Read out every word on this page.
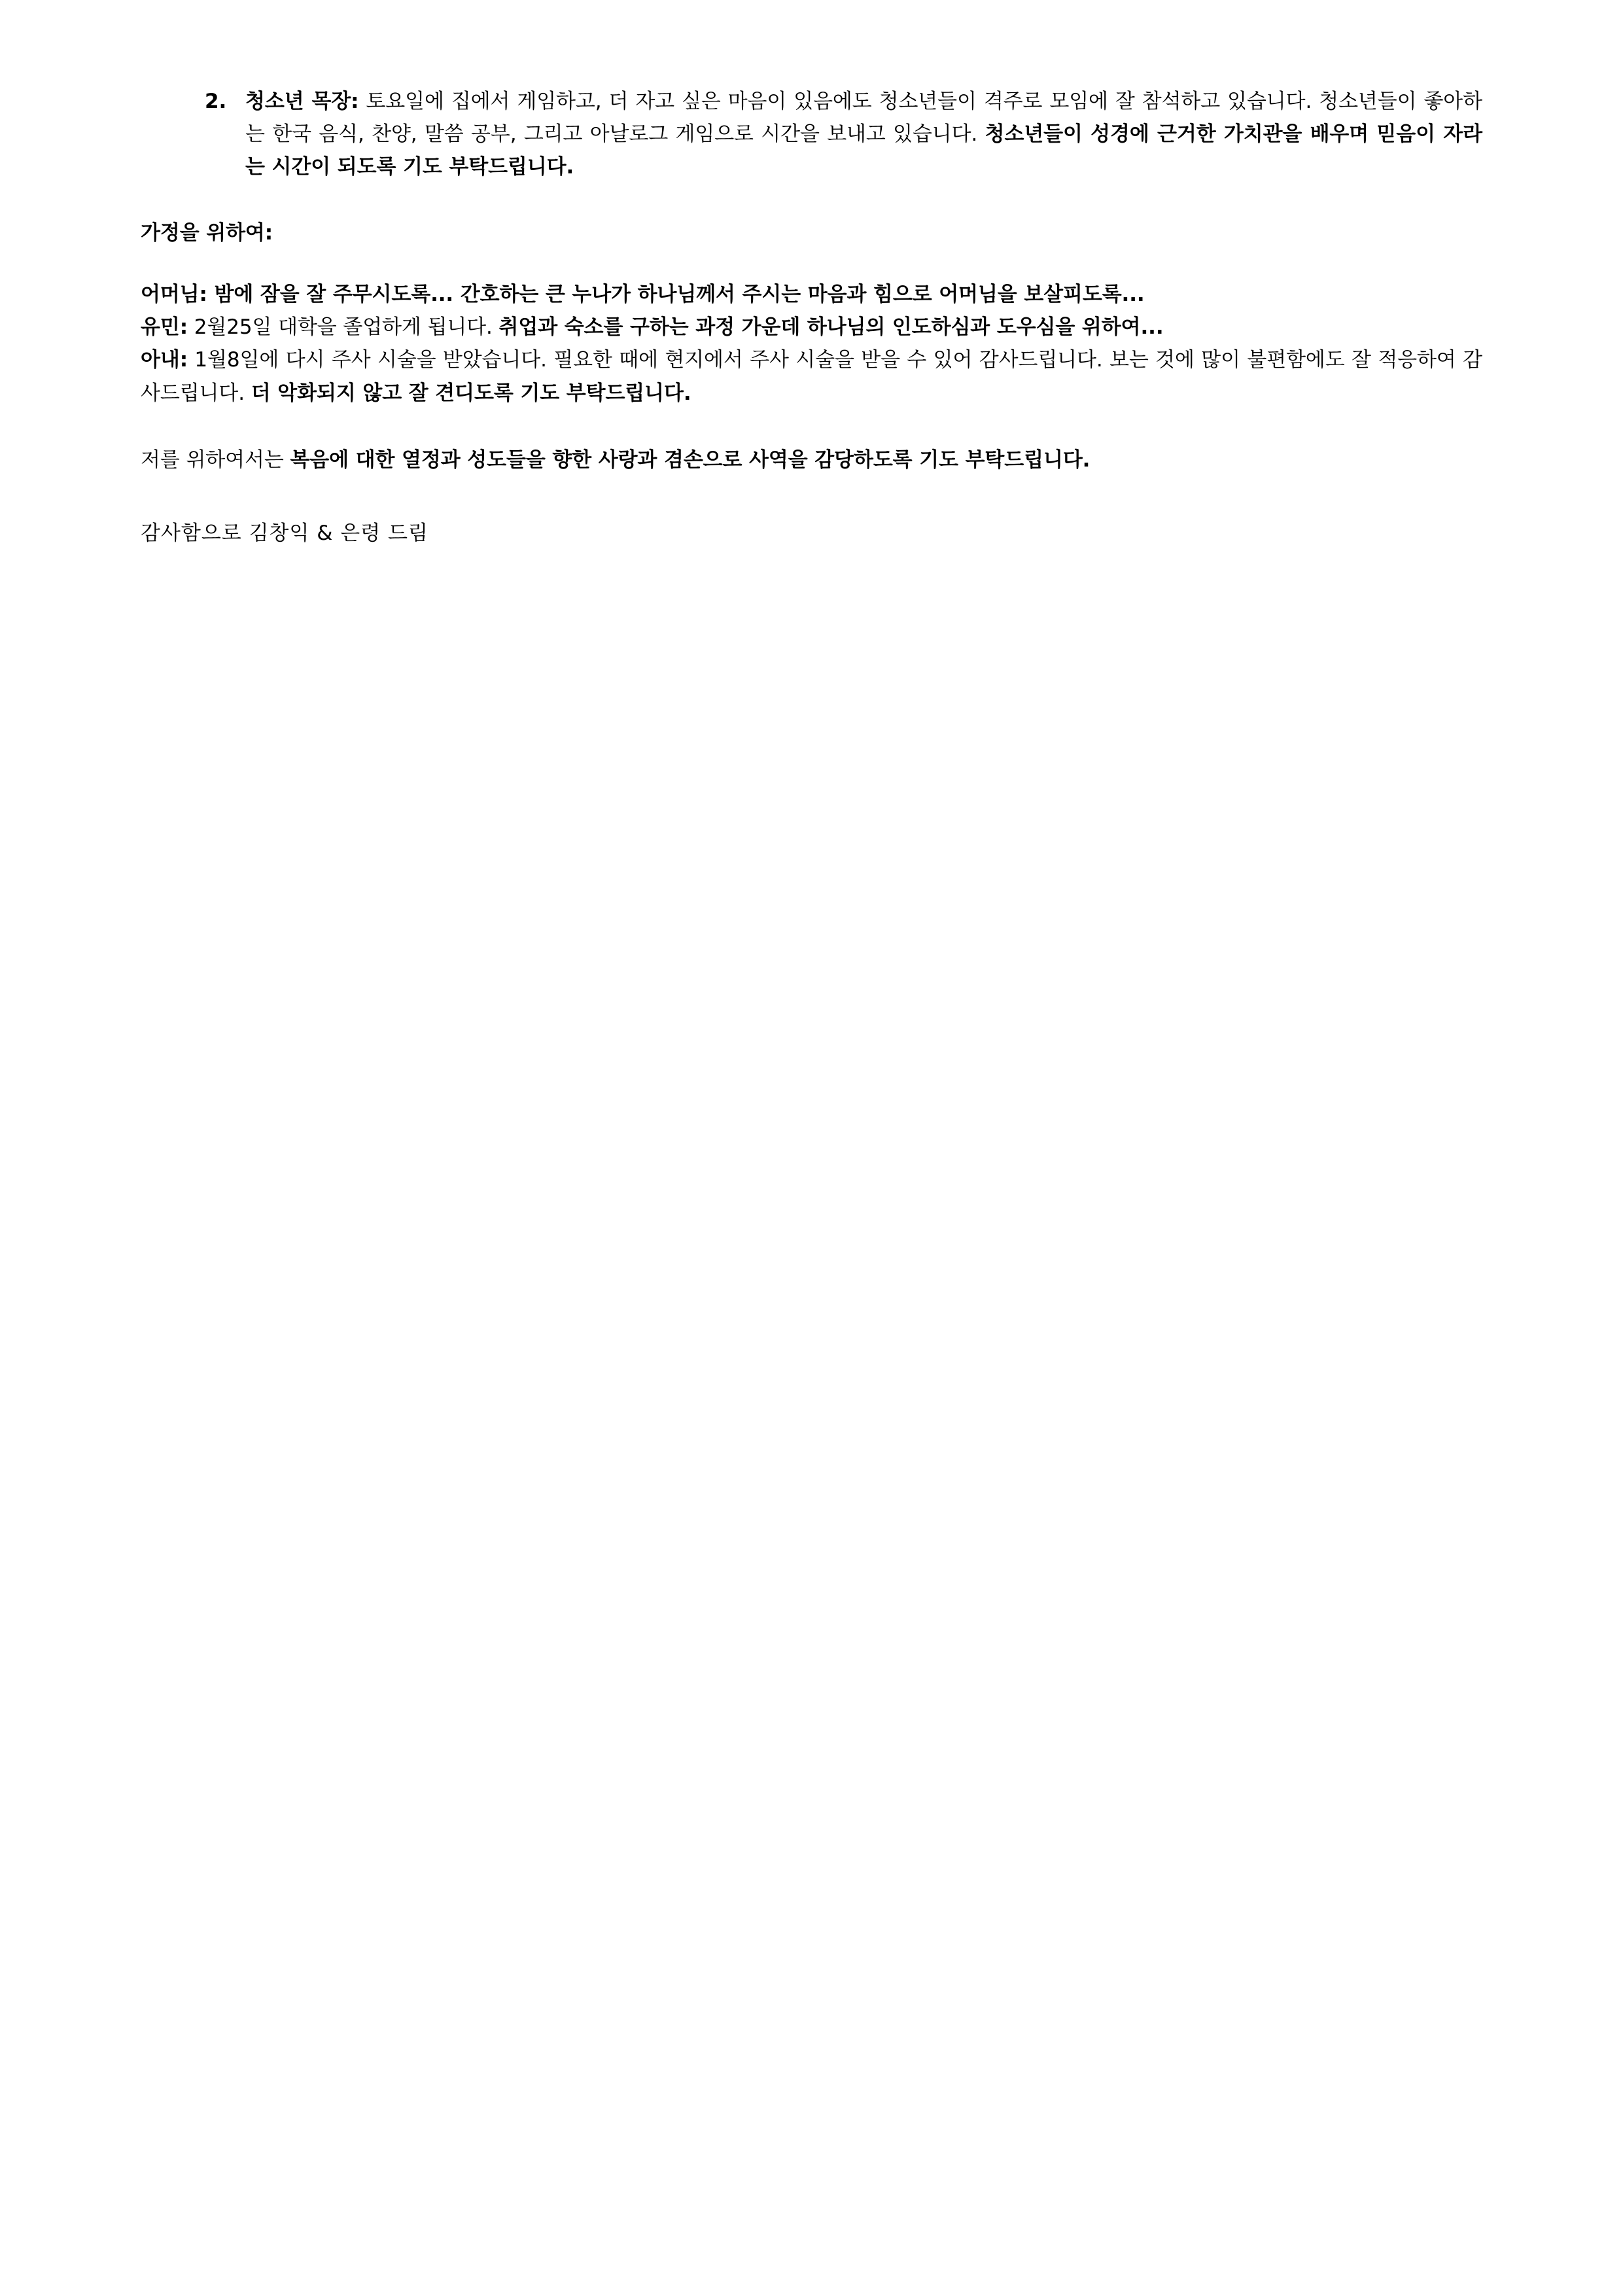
2. 청소년 목장: 토요일에 집에서 게임하고, 더 자고 싶은 마음이 있음에도 청소년들이 격주로 모임에 잘 참석하고 있습니다. 청소년들이 좋아하는 한국 음식, 찬양, 말씀 공부, 그리고 아날로그 게임으로 시간을 보내고 있습니다. 청소년들이 성경에 근거한 가치관을 배우며 믿음이 자라는 시간이 되도록 기도 부탁드립니다.
가정을 위하여:
어머님: 밤에 잠을 잘 주무시도록... 간호하는 큰 누나가 하나님께서 주시는 마음과 힘으로 어머님을 보살피도록...
유민: 2월25일 대학을 졸업하게 됩니다. 취업과 숙소를 구하는 과정 가운데 하나님의 인도하심과 도우심을 위하여...
아내: 1월8일에 다시 주사 시술을 받았습니다. 필요한 때에 현지에서 주사 시술을 받을 수 있어 감사드립니다. 보는 것에 많이 불편함에도 잘 적응하여 감사드립니다. 더 악화되지 않고 잘 견디도록 기도 부탁드립니다.
저를 위하여서는 복음에 대한 열정과 성도들을 향한 사랑과 겸손으로 사역을 감당하도록 기도 부탁드립니다.
감사함으로 김창익 & 은령 드림
